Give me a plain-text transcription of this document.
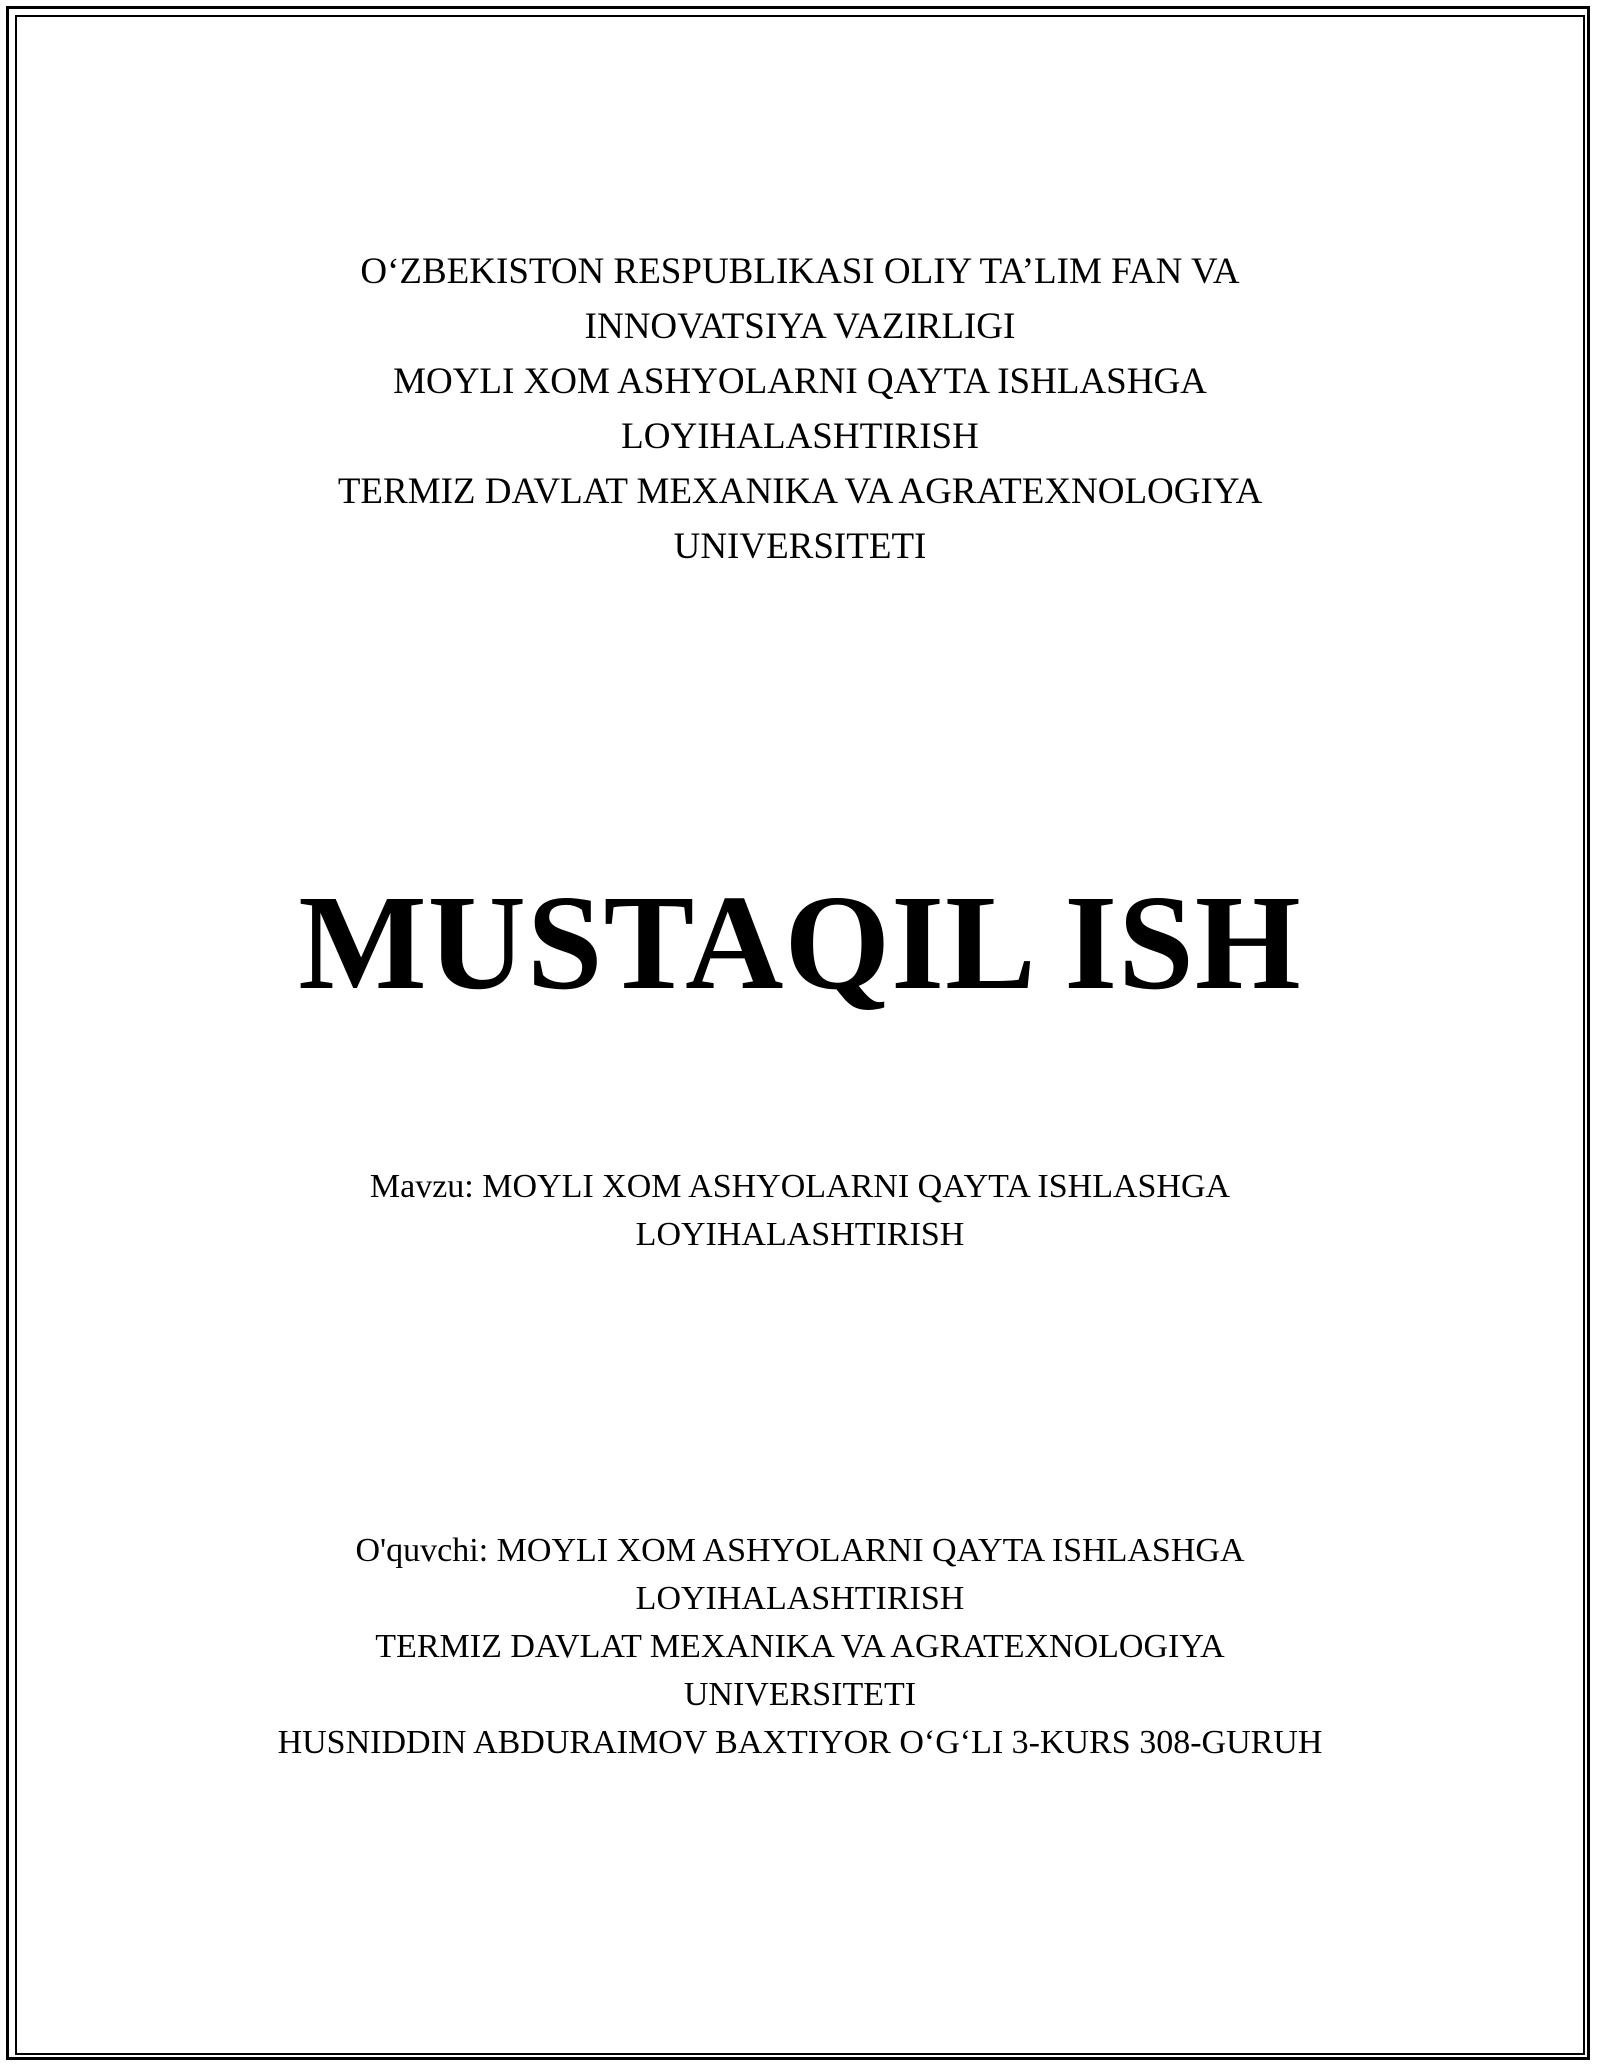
O‘ZBEKISTON RESPUBLIKASI OLIY TA’LIM FAN VA
INNOVATSIYA VAZIRLIGI
MOYLI XOM ASHYOLARNI QAYTA ISHLASHGA
LOYIHALASHTIRISH
TERMIZ DAVLAT MEXANIKA VA AGRATEXNOLOGIYA
UNIVERSITETI
MUSTAQIL ISH
Mavzu: MOYLI XOM ASHYOLARNI QAYTA ISHLASHGA
LOYIHALASHTIRISH
O'quvchi: MOYLI XOM ASHYOLARNI QAYTA ISHLASHGA
LOYIHALASHTIRISH
TERMIZ DAVLAT MEXANIKA VA AGRATEXNOLOGIYA
UNIVERSITETI
HUSNIDDIN ABDURAIMOV BAXTIYOR O‘G‘LI 3-KURS 308-GURUH
